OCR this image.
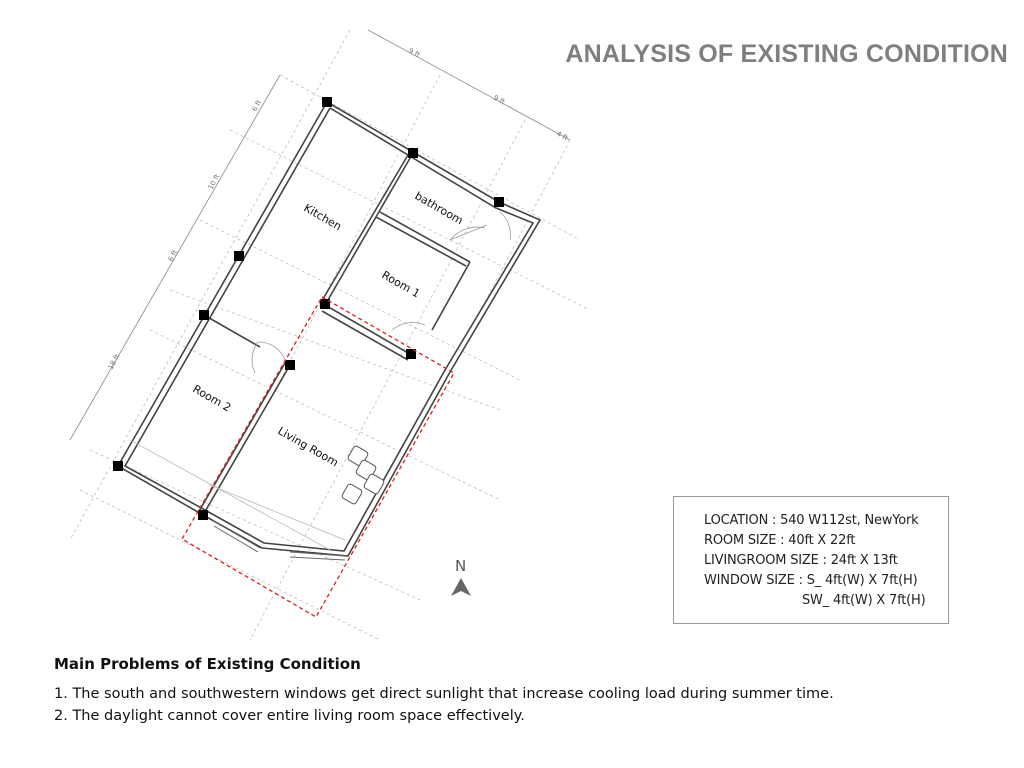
ANALYSIS OF EXISTING CONDITION
9 ft
9 ft
4 ft
6 ft
10 ft
6 ft
18 ft
Kitchen	bathroom
Room 1
Room 2
Living Room
N
LOCATION : 540 W112st, NewYork
ROOM SIZE : 40ft X 22ft
LIVINGROOM SIZE : 24ft X 13ft
WINDOW SIZE : S_ 4ft(W) X 7ft(H)
SW_ 4ft(W) X 7ft(H)
Main Problems of Existing Condition

1. The south and southwestern windows get direct sunlight that increase cooling load during summer time.

2. The daylight cannot cover entire living room space effectively.
